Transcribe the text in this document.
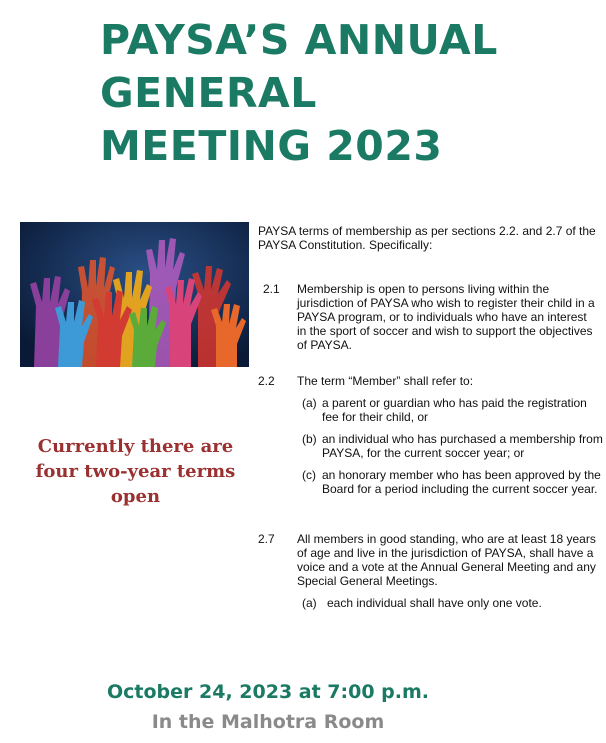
PAYSA’S ANNUAL
GENERAL
MEETING 2023
Currently there are
four two-year terms
open

PAYSA terms of membership as per sections 2.2. and 2.7 of the PAYSA Constitution. Specifically:

2.1 Membership is open to persons living within the jurisdiction of PAYSA who wish to register their child in a PAYSA program, or to individuals who have an interest in the sport of soccer and wish to support the objectives of PAYSA.
2.2 The term “Member” shall refer to:
(a) a parent or guardian who has paid the registration fee for their child, or
(b) an individual who has purchased a membership from PAYSA, for the current soccer year; or
(c) an honorary member who has been approved by the Board for a period including the current soccer year.
2.7 All members in good standing, who are at least 18 years of age and live in the jurisdiction of PAYSA, shall have a voice and a vote at the Annual General Meeting and any Special General Meetings.
(a) each individual shall have only one vote.
October 24, 2023 at 7:00 p.m.
In the Malhotra Room
